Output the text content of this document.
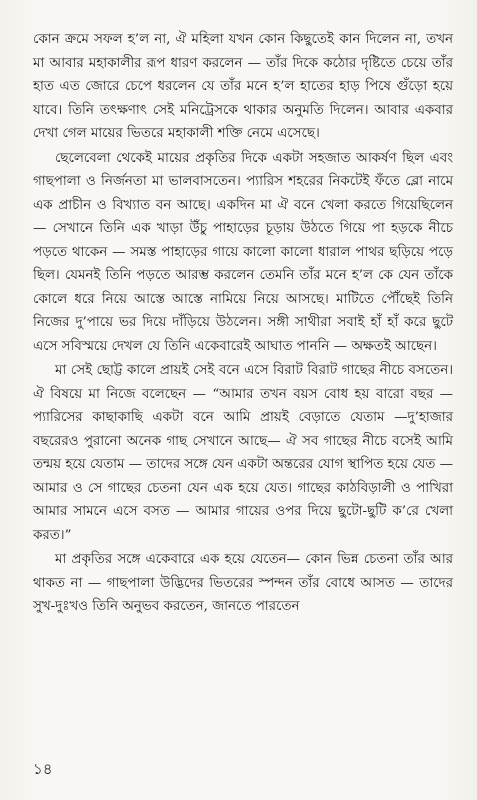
কোন ক্রমে সফল হ’ল না, ঐ মহিলা যখন কোন কিছুতেই কান দিলেন না, তখন মা আবার মহাকালীর রূপ ধারণ করলেন — তাঁর দিকে কঠোর দৃষ্টিতে চেয়ে তাঁর হাত এত জোরে চেপে ধরলেন যে তাঁর মনে হ’ল হাতের হাড় পিষে গুঁড়ো হয়ে যাবে। তিনি তৎক্ষণাৎ সেই মনিট্রেসকে থাকার অনুমতি দিলেন। আবার একবার দেখা গেল মায়ের ভিতরে মহাকালী শক্তি নেমে এসেছে।

ছেলেবেলা থেকেই মায়ের প্রকৃতির দিকে একটা সহজাত আকর্ষণ ছিল এবং গাছপালা ও নির্জনতা মা ভালবাসতেন। প্যারিস শহরের নিকটেই ফঁতে ব্লো নামে এক প্রাচীন ও বিখ্যাত বন আছে। একদিন মা ঐ বনে খেলা করতে গিয়েছিলেন — সেখানে তিনি এক খাড়া উঁচু পাহাড়ের চূড়ায় উঠতে গিয়ে পা হড়কে নীচে পড়তে থাকেন — সমস্ত পাহাড়ের গায়ে কালো কালো ধারাল পাথর ছড়িয়ে পড়ে ছিল। যেমনই তিনি পড়তে আরম্ভ করলেন তেমনি তাঁর মনে হ’ল কে যেন তাঁকে কোলে ধরে নিয়ে আস্তে আস্তে নামিয়ে নিয়ে আসছে। মাটিতে পৌঁছেই তিনি নিজের দু’পায়ে ভর দিয়ে দাঁড়িয়ে উঠলেন। সঙ্গী সাথীরা সবাই হাঁ হাঁ করে ছুটে এসে সবিস্ময়ে দেখল যে তিনি একেবারেই আঘাত পাননি — অক্ষতই আছেন।

মা সেই ছোট্ট কালে প্রায়ই সেই বনে এসে বিরাট বিরাট গাছের নীচে বসতেন। ঐ বিষয়ে মা নিজে বলেছেন — “আমার তখন বয়স বোধ হয় বারো বছর — প্যারিসের কাছাকাছি একটা বনে আমি প্রায়ই বেড়াতে যেতাম —দু’হাজার বছরেরও পুরানো অনেক গাছ সেখানে আছে— ঐ সব গাছের নীচে বসেই আমি তন্ময় হয়ে যেতাম — তাদের সঙ্গে যেন একটা অন্তরের যোগ স্থাপিত হয়ে যেত — আমার ও সে গাছের চেতনা যেন এক হয়ে যেত। গাছের কাঠবিড়ালী ও পাখিরা আমার সামনে এসে বসত — আমার গায়ের ওপর দিয়ে ছুটো-ছুটি ক’রে খেলা করত।”

মা প্রকৃতির সঙ্গে একেবারে এক হয়ে যেতেন— কোন ভিন্ন চেতনা তাঁর আর থাকত না — গাছপালা উদ্ভিদের ভিতরের স্পন্দন তাঁর বোধে আসত — তাদের সুখ-দুঃখও তিনি অনুভব করতেন, জানতে পারতেন

১৪
